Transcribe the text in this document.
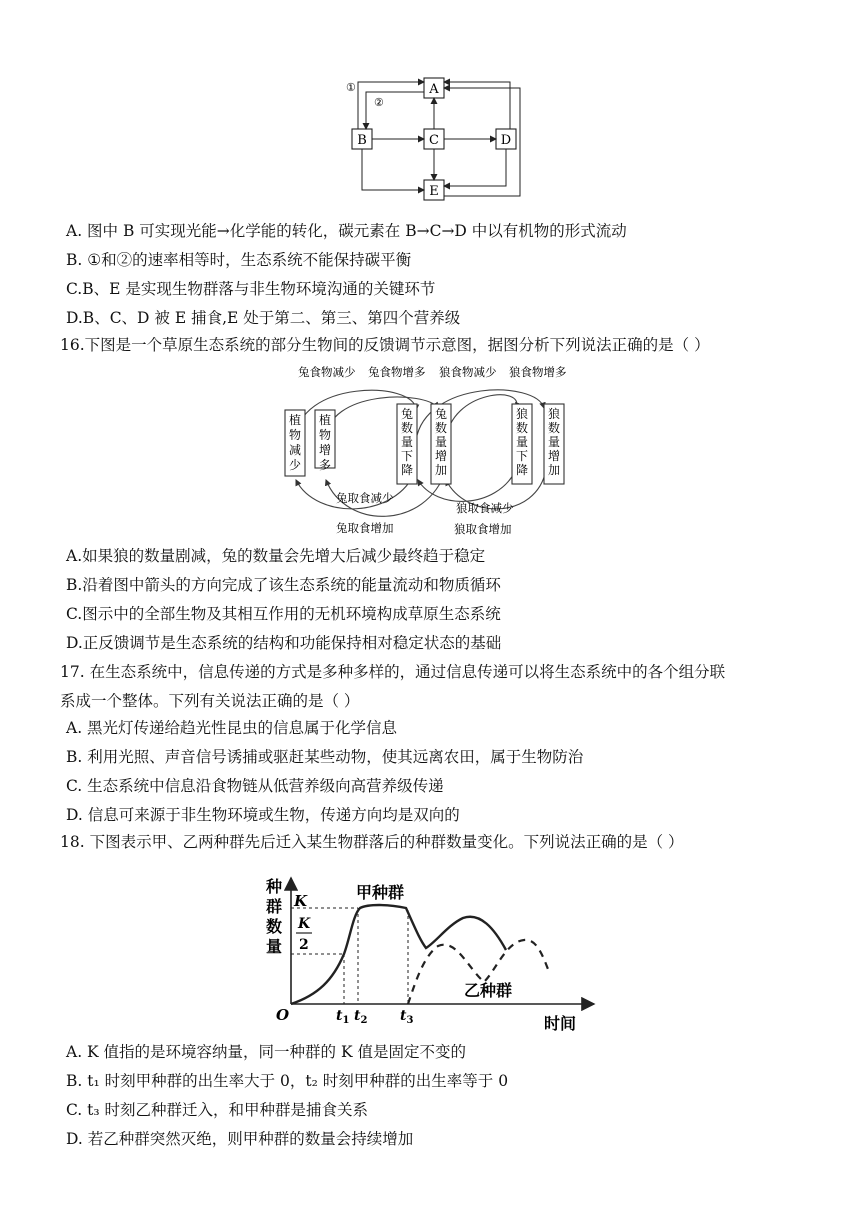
A
B	C	D
E
①
②
A. 图中 B 可实现光能→化学能的转化，碳元素在 B→C→D 中以有机物的形式流动
B. ①和②的速率相等时，生态系统不能保持碳平衡
C.B、E 是实现生物群落与非生物环境沟通的关键环节
D.B、C、D 被 E 捕食,E 处于第二、第三、第四个营养级
16.下图是一个草原生态系统的部分生物间的反馈调节示意图，据图分析下列说法正确的是（ ）
兔食物减少 兔食物增多 狼食物减少 狼食物增多
植物减少
植物增多
兔数量下降
兔数量增加
狼数量下降
狼数量增加
兔取食减少
兔取食增加
狼取食减少
狼取食增加
A.如果狼的数量剧减，兔的数量会先增大后减少最终趋于稳定
B.沿着图中箭头的方向完成了该生态系统的能量流动和物质循环
C.图示中的全部生物及其相互作用的无机环境构成草原生态系统
D.正反馈调节是生态系统的结构和功能保持相对稳定状态的基础
17. 在生态系统中，信息传递的方式是多种多样的，通过信息传递可以将生态系统中的各个组分联
系成一个整体。下列有关说法正确的是（ ）
A. 黑光灯传递给趋光性昆虫的信息属于化学信息
B. 利用光照、声音信号诱捕或驱赶某些动物，使其远离农田，属于生物防治
C. 生态系统中信息沿食物链从低营养级向高营养级传递
D. 信息可来源于非生物环境或生物，传递方向均是双向的
18. 下图表示甲、乙两种群先后迁入某生物群落后的种群数量变化。下列说法正确的是（ ）
种
群
数
量
K
K
2
甲种群
乙种群
O	$t_1$ $t_2$ $t_3$	时间
A. K 值指的是环境容纳量，同一种群的 K 值是固定不变的
B. t₁ 时刻甲种群的出生率大于 0，t₂ 时刻甲种群的出生率等于 0
C. t₃ 时刻乙种群迁入，和甲种群是捕食关系
D. 若乙种群突然灭绝，则甲种群的数量会持续增加
